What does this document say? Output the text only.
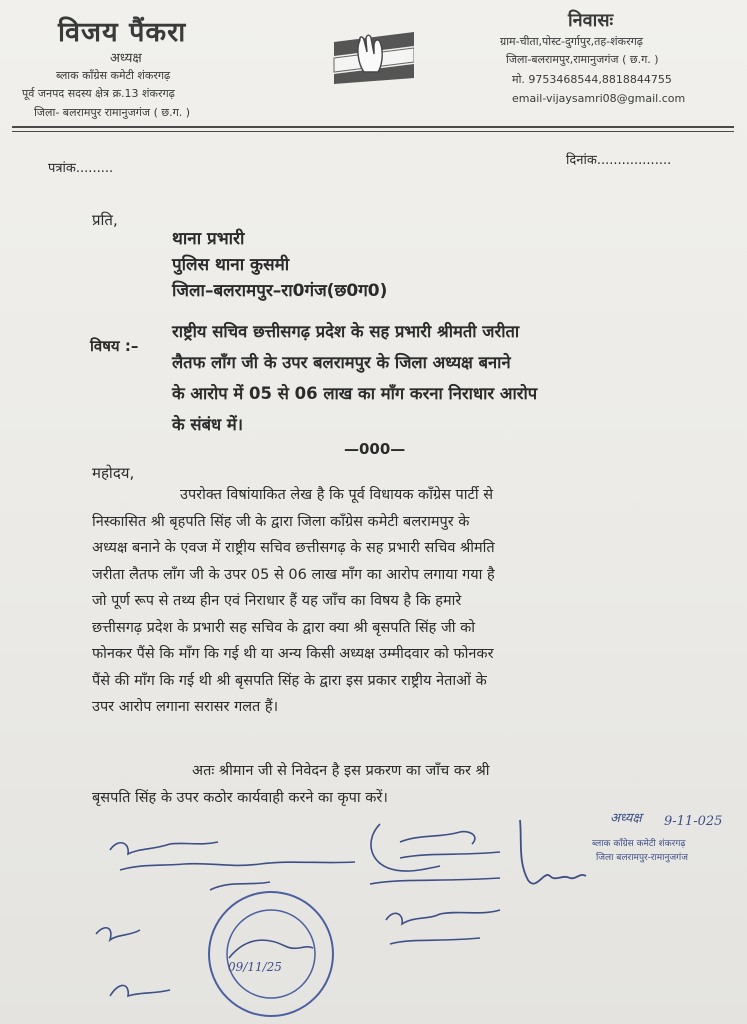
विजय पैंकरा
अध्यक्ष
ब्लाक कॉंग्रेस कमेटी शंकरगढ़
पूर्व जनपद सदस्य क्षेत्र क्र.13 शंकरगढ़
जिला- बलरामपुर रामानुजगंज ( छ.ग. )
निवासः
ग्राम-चीता,पोस्ट-दुर्गापुर,तह-शंकरगढ़
जिला-बलरामपुर,रामानुजगंज ( छ.ग. )
मो. 9753468544,8818844755
email-vijaysamri08@gmail.com
पत्रांक.........
दिनांक..................
प्रति,
थाना प्रभारी
पुलिस थाना कुसमी
जिला–बलरामपुर–रा0गंज(छ0ग0)
विषय :–
राष्ट्रीय सचिव छत्तीसगढ़ प्रदेश के सह प्रभारी श्रीमती जरीता
लैतफ लॉंग जी के उपर बलरामपुर के जिला अध्यक्ष बनाने
के आरोप में 05 से 06 लाख का माँग करना निराधार आरोप
के संबंध में।
—000—
महोदय,
उपरोक्त विषांयाकित लेख है कि पूर्व विधायक कॉंग्रेस पार्टी से
निस्कासित श्री बृहपति सिंह जी के द्वारा जिला कॉंग्रेस कमेटी बलरामपुर के
अध्यक्ष बनाने के एवज में राष्ट्रीय सचिव छत्तीसगढ़ के सह प्रभारी सचिव श्रीमति
जरीता लैतफ लॉंग जी के उपर 05 से 06 लाख माँग का आरोप लगाया गया है
जो पूर्ण रूप से तथ्य हीन एवं निराधार हैं यह जॉंच का विषय है कि हमारे
छत्तीसगढ़ प्रदेश के प्रभारी सह सचिव के द्वारा क्या श्री बृसपति सिंह जी को
फोनकर पैंसे कि माँग कि गई थी या अन्य किसी अध्यक्ष उम्मीदवार को फोनकर
पैंसे की माँग कि गई थी श्री बृसपति सिंह के द्वारा इस प्रकार राष्ट्रीय नेताओं के
उपर आरोप लगाना सरासर गलत हैं।
अतः श्रीमान जी से निवेदन है इस प्रकरण का जॉंच कर श्री
बृसपति सिंह के उपर कठोर कार्यवाही करने का कृपा करें।
अध्यक्ष 9-11-025
ब्लाक कॉंग्रेस कमेटी शंकरगढ़
जिला बलरामपुर-रामानुजगंज
09/11/25
